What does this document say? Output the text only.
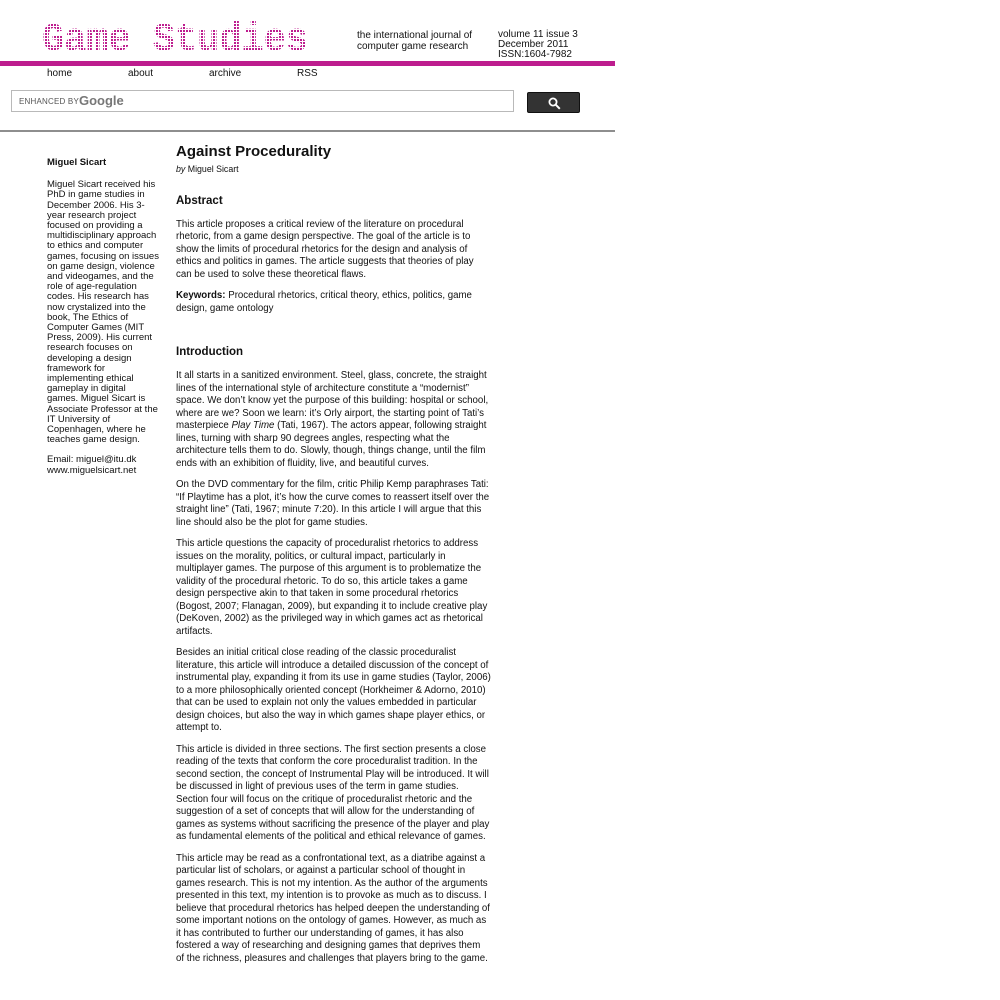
Game Studies	the international journal of
computer game research
volume 11 issue 3
December 2011
ISSN:1604-7982
home	about	archive	RSS
ENHANCED BY Google

Miguel Sicart

Miguel Sicart received his PhD in game studies in December 2006. His 3-year research project focused on providing a multidisciplinary approach to ethics and computer games, focusing on issues on game design, violence and videogames, and the role of age-regulation codes. His research has now crystalized into the book, The Ethics of Computer Games (MIT Press, 2009). His current research focuses on developing a design framework for implementing ethical gameplay in digital games. Miguel Sicart is Associate Professor at the IT University of Copenhagen, where he teaches game design.

Email: miguel@itu.dk
www.miguelsicart.net
Against Procedurality
by Miguel Sicart
Abstract

This article proposes a critical review of the literature on procedural rhetoric, from a game design perspective. The goal of the article is to show the limits of procedural rhetorics for the design and analysis of ethics and politics in games. The article suggests that theories of play can be used to solve these theoretical flaws.

Keywords: Procedural rhetorics, critical theory, ethics, politics, game design, game ontology

Introduction

It all starts in a sanitized environment. Steel, glass, concrete, the straight lines of the international style of architecture constitute a “modernist” space. We don’t know yet the purpose of this building: hospital or school, where are we? Soon we learn: it’s Orly airport, the starting point of Tati’s masterpiece Play Time (Tati, 1967). The actors appear, following straight lines, turning with sharp 90 degrees angles, respecting what the architecture tells them to do. Slowly, though, things change, until the film ends with an exhibition of fluidity, live, and beautiful curves.

On the DVD commentary for the film, critic Philip Kemp paraphrases Tati: “If Playtime has a plot, it’s how the curve comes to reassert itself over the straight line” (Tati, 1967; minute 7:20). In this article I will argue that this line should also be the plot for game studies.

This article questions the capacity of proceduralist rhetorics to address issues on the morality, politics, or cultural impact, particularly in multiplayer games. The purpose of this argument is to problematize the validity of the procedural rhetoric. To do so, this article takes a game design perspective akin to that taken in some procedural rhetorics (Bogost, 2007; Flanagan, 2009), but expanding it to include creative play (DeKoven, 2002) as the privileged way in which games act as rhetorical artifacts.

Besides an initial critical close reading of the classic proceduralist literature, this article will introduce a detailed discussion of the concept of instrumental play, expanding it from its use in game studies (Taylor, 2006) to a more philosophically oriented concept (Horkheimer & Adorno, 2010) that can be used to explain not only the values embedded in particular design choices, but also the way in which games shape player ethics, or attempt to.

This article is divided in three sections. The first section presents a close reading of the texts that conform the core proceduralist tradition. In the second section, the concept of Instrumental Play will be introduced. It will be discussed in light of previous uses of the term in game studies. Section four will focus on the critique of proceduralist rhetoric and the suggestion of a set of concepts that will allow for the understanding of games as systems without sacrificing the presence of the player and play as fundamental elements of the political and ethical relevance of games.

This article may be read as a confrontational text, as a diatribe against a particular list of scholars, or against a particular school of thought in games research. This is not my intention. As the author of the arguments presented in this text, my intention is to provoke as much as to discuss. I believe that procedural rhetorics has helped deepen the understanding of some important notions on the ontology of games. However, as much as it has contributed to further our understanding of games, it has also fostered a way of researching and designing games that deprives them of the richness, pleasures and challenges that players bring to the game.
